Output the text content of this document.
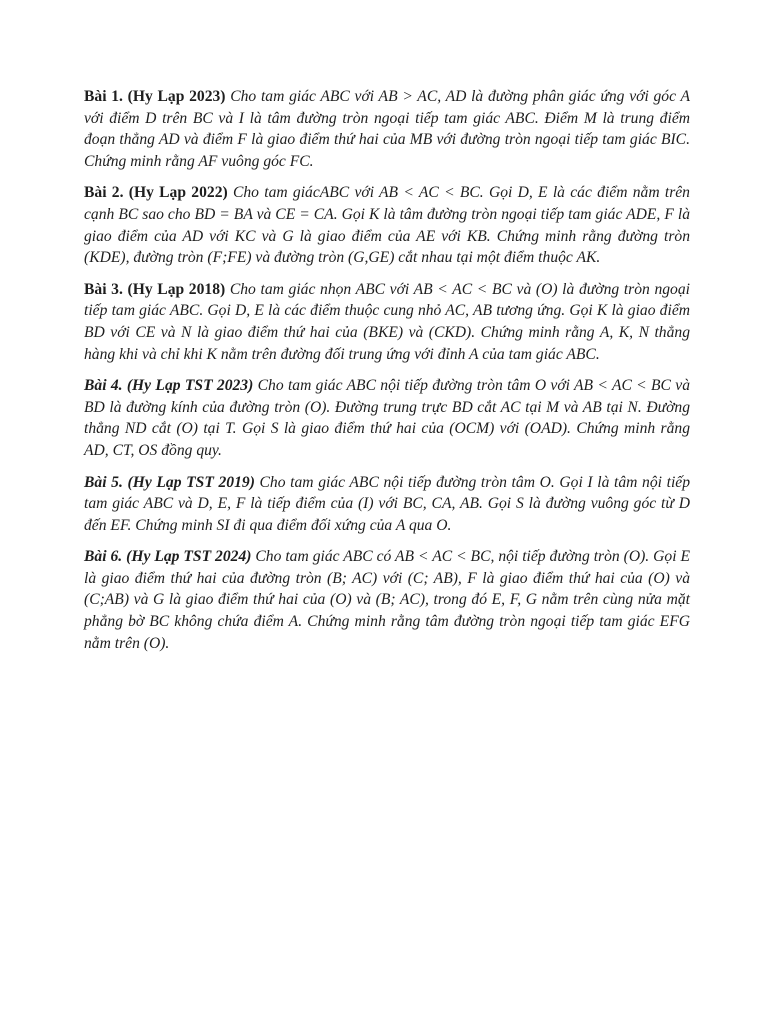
Bài 1. (Hy Lạp 2023) Cho tam giác ABC với AB > AC, AD là đường phân giác ứng với góc A với điểm D trên BC và I là tâm đường tròn ngoại tiếp tam giác ABC. Điểm M là trung điểm đoạn thẳng AD và điểm F là giao điểm thứ hai của MB với đường tròn ngoại tiếp tam giác BIC. Chứng minh rằng AF vuông góc FC.

Bài 2. (Hy Lạp 2022) Cho tam giácABC với AB < AC < BC. Gọi D, E là các điểm nằm trên cạnh BC sao cho BD = BA và CE = CA. Gọi K là tâm đường tròn ngoại tiếp tam giác ADE, F là giao điểm của AD với KC và G là giao điểm của AE với KB. Chứng minh rằng đường tròn (KDE), đường tròn (F;FE) và đường tròn (G,GE) cắt nhau tại một điểm thuộc AK.

Bài 3. (Hy Lạp 2018) Cho tam giác nhọn ABC với AB < AC < BC và (O) là đường tròn ngoại tiếp tam giác ABC. Gọi D, E là các điểm thuộc cung nhỏ AC, AB tương ứng. Gọi K là giao điểm BD với CE và N là giao điểm thứ hai của (BKE) và (CKD). Chứng minh rằng A, K, N thẳng hàng khi và chỉ khi K nằm trên đường đối trung ứng với đỉnh A của tam giác ABC.

Bài 4. (Hy Lạp TST 2023) Cho tam giác ABC nội tiếp đường tròn tâm O với AB < AC < BC và BD là đường kính của đường tròn (O). Đường trung trực BD cắt AC tại M và AB tại N. Đường thẳng ND cắt (O) tại T. Gọi S là giao điểm thứ hai của (OCM) với (OAD). Chứng minh rằng AD, CT, OS đồng quy.

Bài 5. (Hy Lạp TST 2019) Cho tam giác ABC nội tiếp đường tròn tâm O. Gọi I là tâm nội tiếp tam giác ABC và D, E, F là tiếp điểm của (I) với BC, CA, AB. Gọi S là đường vuông góc từ D đến EF. Chứng minh SI đi qua điểm đối xứng của A qua O.

Bài 6. (Hy Lạp TST 2024) Cho tam giác ABC có AB < AC < BC, nội tiếp đường tròn (O). Gọi E là giao điểm thứ hai của đường tròn (B; AC) với (C; AB), F là giao điểm thứ hai của (O) và (C;AB) và G là giao điểm thứ hai của (O) và (B; AC), trong đó E, F, G nằm trên cùng nửa mặt phẳng bờ BC không chứa điểm A. Chứng minh rằng tâm đường tròn ngoại tiếp tam giác EFG nằm trên (O).
